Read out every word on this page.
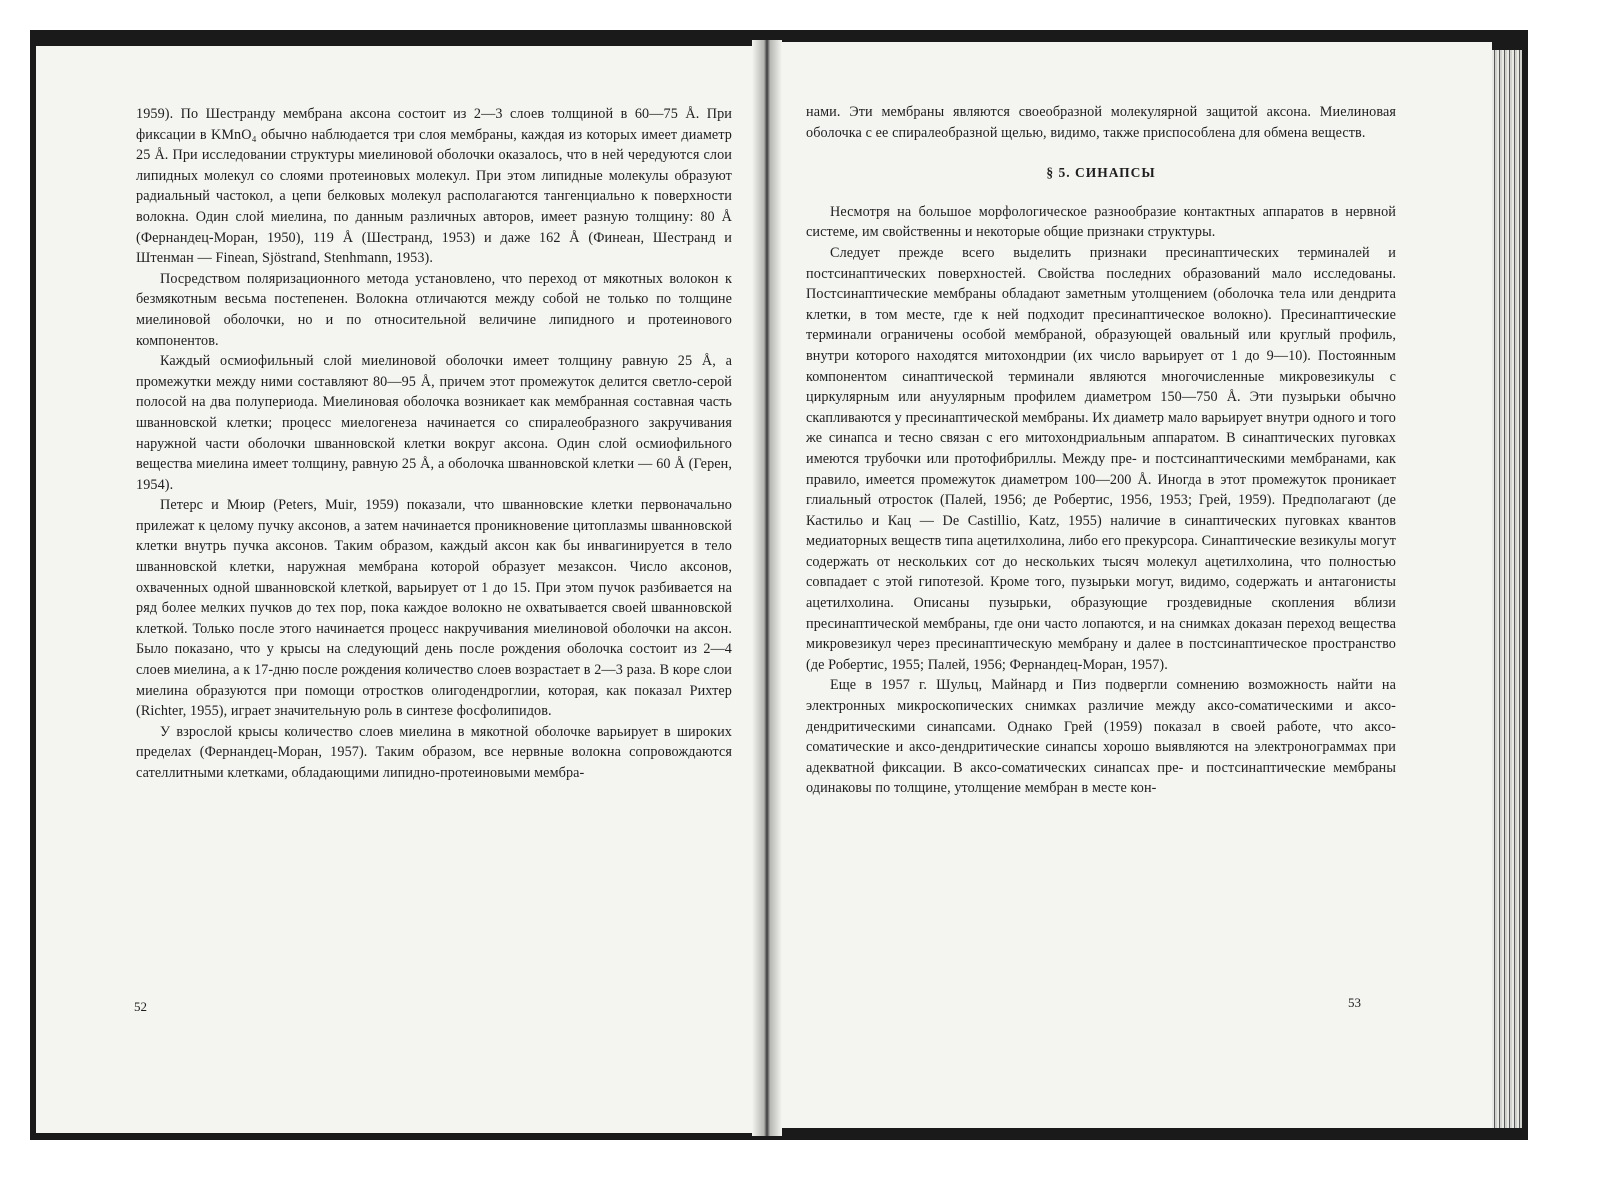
1959). По Шестранду мембрана аксона состоит из 2—3 слоев толщиной в 60—75 Å. При фиксации в KMnO₄ обычно наблюдается три слоя мембраны, каждая из которых имеет диаметр 25 Å. При исследовании структуры миелиновой оболочки оказалось, что в ней чередуются слои липидных молекул со слоями протеиновых молекул. При этом липидные молекулы образуют радиальный частокол, а цепи белковых молекул располагаются тангенциально к поверхности волокна. Один слой миелина, по данным различных авторов, имеет разную толщину: 80 Å (Фернандец-Моран, 1950), 119 Å (Шестранд, 1953) и даже 162 Å (Финеан, Шестранд и Штенман — Finean, Sjöstrand, Stenhmann, 1953).

Посредством поляризационного метода установлено, что переход от мякотных волокон к безмякотным весьма постепенен. Волокна отличаются между собой не только по толщине миелиновой оболочки, но и по относительной величине липидного и протеинового компонентов.

Каждый осмиофильный слой миелиновой оболочки имеет толщину равную 25 Å, а промежутки между ними составляют 80—95 Å, причем этот промежуток делится светло-серой полосой на два полупериода. Миелиновая оболочка возникает как мембранная составная часть шванновской клетки; процесс миелогенеза начинается со спиралеобразного закручивания наружной части оболочки шванновской клетки вокруг аксона. Один слой осмиофильного вещества миелина имеет толщину, равную 25 Å, а оболочка шванновской клетки — 60 Å (Герен, 1954).

Петерс и Мюир (Peters, Muir, 1959) показали, что шванновские клетки первоначально прилежат к целому пучку аксонов, а затем начинается проникновение цитоплазмы шванновской клетки внутрь пучка аксонов. Таким образом, каждый аксон как бы инвагинируется в тело шванновской клетки, наружная мембрана которой образует мезаксон. Число аксонов, охваченных одной шванновской клеткой, варьирует от 1 до 15. При этом пучок разбивается на ряд более мелких пучков до тех пор, пока каждое волокно не охватывается своей шванновской клеткой. Только после этого начинается процесс накручивания миелиновой оболочки на аксон. Было показано, что у крысы на следующий день после рождения оболочка состоит из 2—4 слоев миелина, а к 17-дню после рождения количество слоев возрастает в 2—3 раза. В коре слои миелина образуются при помощи отростков олигодендроглии, которая, как показал Рихтер (Richter, 1955), играет значительную роль в синтезе фосфолипидов.

У взрослой крысы количество слоев миелина в мякотной оболочке варьирует в широких пределах (Фернандец-Моран, 1957). Таким образом, все нервные волокна сопровождаются сателлитными клетками, обладающими липидно-протеиновыми мембра-

52

нами. Эти мембраны являются своеобразной молекулярной защитой аксона. Миелиновая оболочка с ее спиралеобразной щелью, видимо, также приспособлена для обмена веществ.

§ 5. СИНАПСЫ

Несмотря на большое морфологическое разнообразие контактных аппаратов в нервной системе, им свойственны и некоторые общие признаки структуры.

Следует прежде всего выделить признаки пресинаптических терминалей и постсинаптических поверхностей. Свойства последних образований мало исследованы. Постсинаптические мембраны обладают заметным утолщением (оболочка тела или дендрита клетки, в том месте, где к ней подходит пресинаптическое волокно). Пресинаптические терминали ограничены особой мембраной, образующей овальный или круглый профиль, внутри которого находятся митохондрии (их число варьирует от 1 до 9—10). Постоянным компонентом синаптической терминали являются многочисленные микровезикулы с циркулярным или ануулярным профилем диаметром 150—750 Å. Эти пузырьки обычно скапливаются у пресинаптической мембраны. Их диаметр мало варьирует внутри одного и того же синапса и тесно связан с его митохондриальным аппаратом. В синаптических пуговках имеются трубочки или протофибриллы. Между пре- и постсинаптическими мембранами, как правило, имеется промежуток диаметром 100—200 Å. Иногда в этот промежуток проникает глиальный отросток (Палей, 1956; де Робертис, 1956, 1953; Грей, 1959). Предполагают (де Кастильо и Кац — De Castillio, Katz, 1955) наличие в синаптических пуговках квантов медиаторных веществ типа ацетилхолина, либо его прекурсора. Синаптические везикулы могут содержать от нескольких сот до нескольких тысяч молекул ацетилхолина, что полностью совпадает с этой гипотезой. Кроме того, пузырьки могут, видимо, содержать и антагонисты ацетилхолина. Описаны пузырьки, образующие гроздевидные скопления вблизи пресинаптической мембраны, где они часто лопаются, и на снимках доказан переход вещества микровезикул через пресинаптическую мембрану и далее в постсинаптическое пространство (де Робертис, 1955; Палей, 1956; Фернандец-Моран, 1957).

Еще в 1957 г. Шульц, Майнард и Пиз подвергли сомнению возможность найти на электронных микроскопических снимках различие между аксо-соматическими и аксо-дендритическими синапсами. Однако Грей (1959) показал в своей работе, что аксо-соматические и аксо-дендритические синапсы хорошо выявляются на электронограммах при адекватной фиксации. В аксо-соматических синапсах пре- и постсинаптические мембраны одинаковы по толщине, утолщение мембран в месте кон-

53
